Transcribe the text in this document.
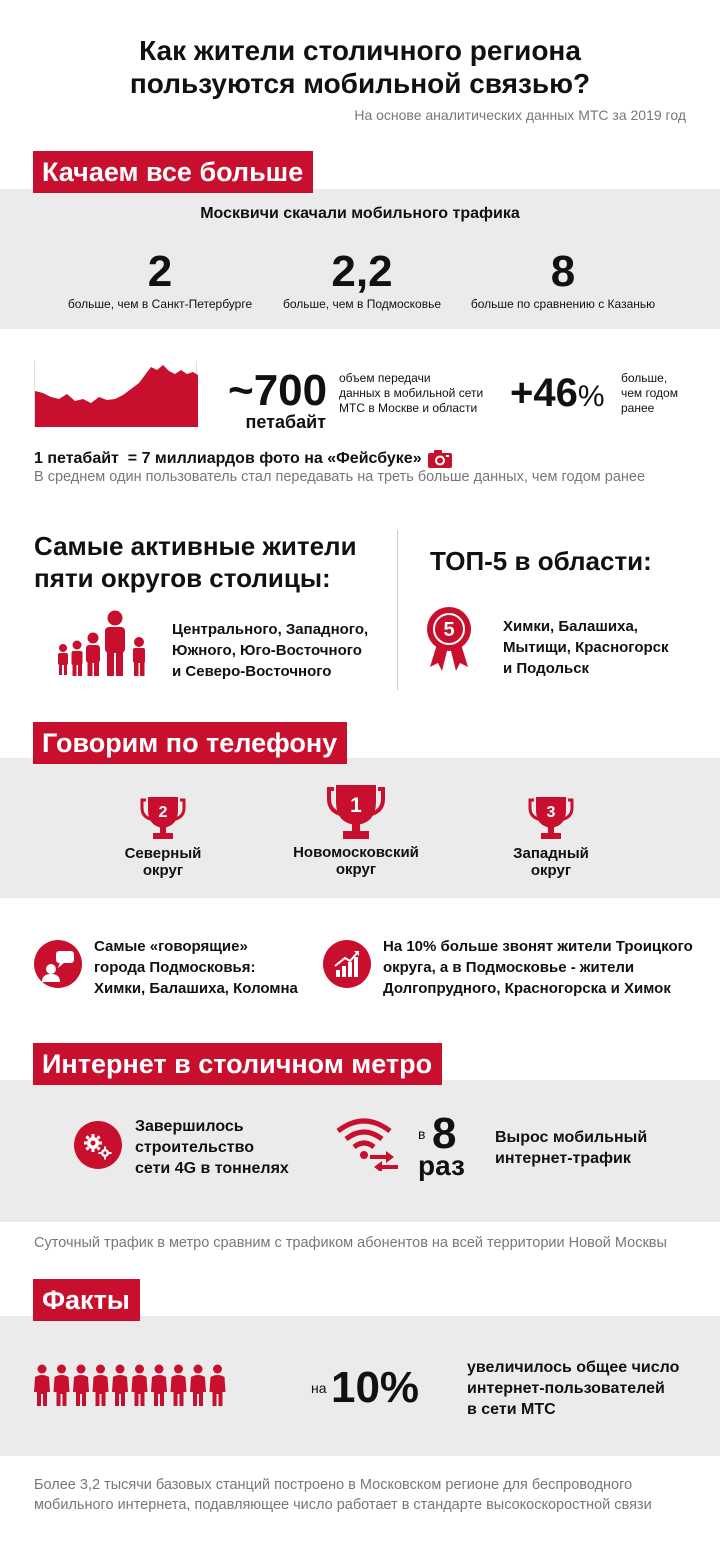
Как жители столичного региона
пользуются мобильной связью?
На основе аналитических данных МТС за 2019 год
Качаем все больше
Москвичи скачали мобильного трафика
2
больше, чем в Санкт-Петербурге
2,2
больше, чем в Подмосковье
8
больше по сравнению с Казанью
~700
петабайт
объем передачи
данных в мобильной сети
МТС в Москве и области +46%
больше,
чем годом
ранее
1 петабайт  = 7 миллиардов фото на «Фейсбуке»
В среднем один пользователь стал передавать на треть больше данных, чем годом ранее
Самые активные жители
пяти округов столицы:
Центрального, Западного,
Южного, Юго-Восточного
и Северо-Восточного
ТОП-5 в области:
5	Химки, Балашиха,
Мытищи, Красногорск
и Подольск
Говорим по телефону
2
Северный
округ
1
Новомосковский
округ
3
Западный
округ
Самые «говорящие»
города Подмосковья:
Химки, Балашиха, Коломна
На 10% больше звонят жители Троицкого
округа, а в Подмосковье - жители
Долгопрудного, Красногорска и Химок
Интернет в столичном метро
Завершилось
строительство
сети 4G в тоннелях
в 8
раз
Вырос мобильный
интернет-трафик
Суточный трафик в метро сравним с трафиком абонентов на всей территории Новой Москвы
Факты
на 10%	увеличилось общее число
интернет-пользователей
в сети МТС
Более 3,2 тысячи базовых станций построено в Московском регионе для беспроводного
мобильного интернета, подавляющее число работает в стандарте высокоскоростной связи
